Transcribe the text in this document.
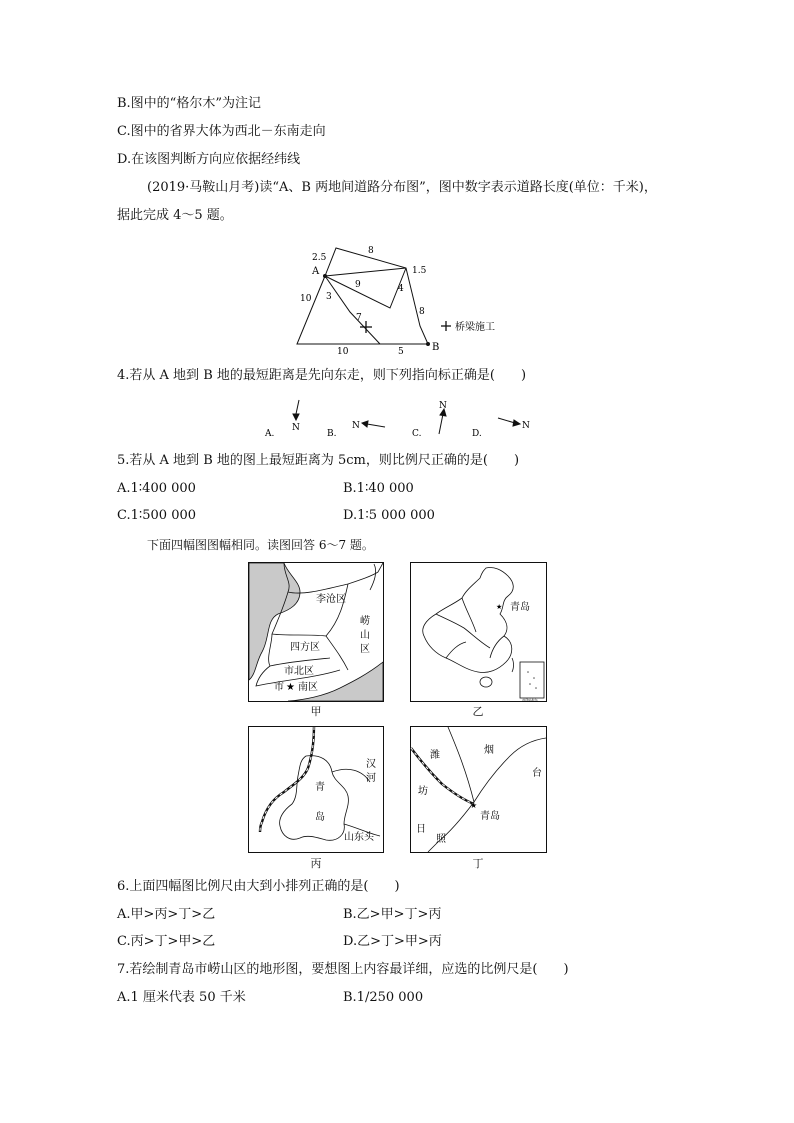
B.图中的“格尔木”为注记
C.图中的省界大体为西北－东南走向
D.在该图判断方向应依据经纬线
(2019·马鞍山月考)读“A、B 两地间道路分布图”，图中数字表示道路长度(单位：千米)，
据此完成 4～5 题。
A
B
2.5
8
1.5
9	4
10 3
7
8
10	5
桥梁施工
4.若从 A 地到 B 地的最短距离是先向东走，则下列指向标正确是(　　)
N	N
N
N
A.	B.	C.	D.
5.若从 A 地到 B 地的图上最短距离为 5cm，则比例尺正确的是(　　)
A.1∶400 000	B.1∶40 000
C.1∶500 000	D.1∶5 000 000
下面四幅图图幅相同。读图回答 6～7 题。
李沧区
崂
山
区
四方区
市北区
市 ★ 南区
甲
南海诸岛
★ 青岛
乙
青
岛
汉
河
山东头
丙
★
潍	烟
台
坊
青岛
日
照
丁
6.上面四幅图比例尺由大到小排列正确的是(　　)
A.甲>丙>丁>乙	B.乙>甲>丁>丙
C.丙>丁>甲>乙	D.乙>丁>甲>丙
7.若绘制青岛市崂山区的地形图，要想图上内容最详细，应选的比例尺是(　　)
A.1 厘米代表 50 千米	B.1/250 000
